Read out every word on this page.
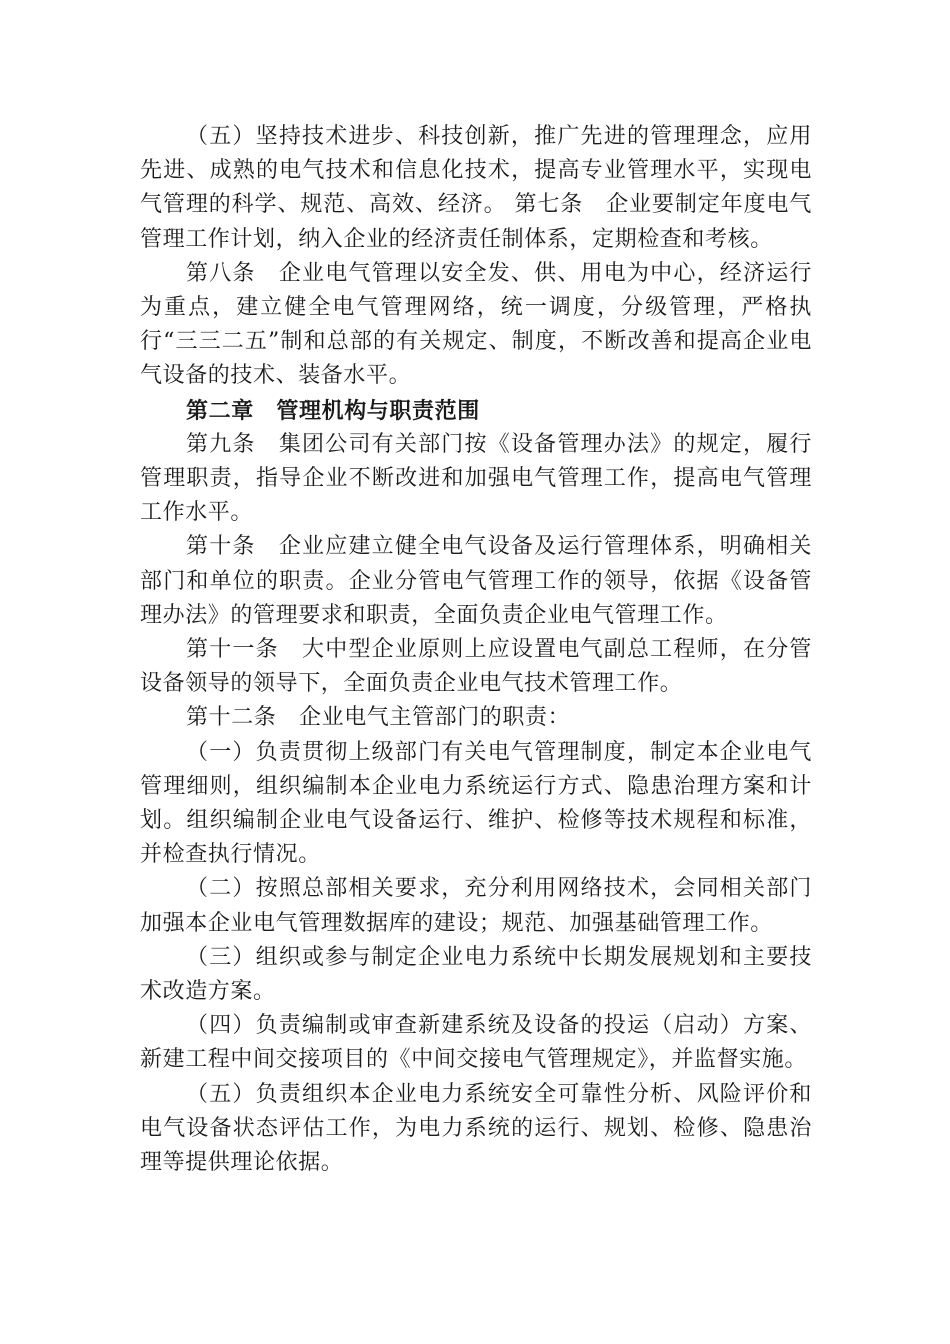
（五）坚持技术进步、科技创新，推广先进的管理理念，应用先进、成熟的电气技术和信息化技术，提高专业管理水平，实现电气管理的科学、规范、高效、经济。 第七条　企业要制定年度电气管理工作计划，纳入企业的经济责任制体系，定期检查和考核。

第八条　企业电气管理以安全发、供、用电为中心，经济运行为重点，建立健全电气管理网络，统一调度，分级管理，严格执行“三三二五”制和总部的有关规定、制度，不断改善和提高企业电气设备的技术、装备水平。

第二章　管理机构与职责范围

第九条　集团公司有关部门按《设备管理办法》的规定，履行管理职责，指导企业不断改进和加强电气管理工作，提高电气管理工作水平。

第十条　企业应建立健全电气设备及运行管理体系，明确相关部门和单位的职责。企业分管电气管理工作的领导，依据《设备管理办法》的管理要求和职责，全面负责企业电气管理工作。

第十一条　大中型企业原则上应设置电气副总工程师，在分管设备领导的领导下，全面负责企业电气技术管理工作。

第十二条　企业电气主管部门的职责：

（一）负责贯彻上级部门有关电气管理制度，制定本企业电气管理细则，组织编制本企业电力系统运行方式、隐患治理方案和计划。组织编制企业电气设备运行、维护、检修等技术规程和标准，并检查执行情况。

（二）按照总部相关要求，充分利用网络技术，会同相关部门加强本企业电气管理数据库的建设；规范、加强基础管理工作。

（三）组织或参与制定企业电力系统中长期发展规划和主要技术改造方案。

（四）负责编制或审查新建系统及设备的投运（启动）方案、新建工程中间交接项目的《中间交接电气管理规定》，并监督实施。

（五）负责组织本企业电力系统安全可靠性分析、风险评价和电气设备状态评估工作，为电力系统的运行、规划、检修、隐患治理等提供理论依据。
